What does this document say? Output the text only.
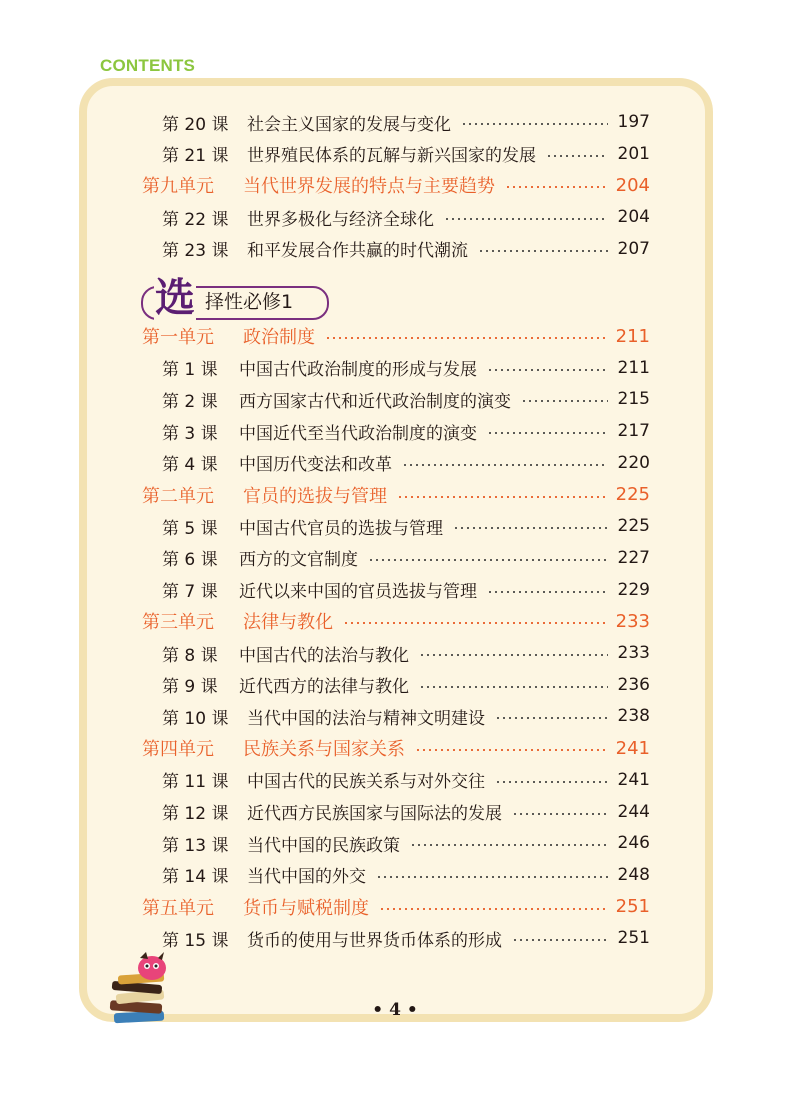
CONTENTS
第 20 课 社会主义国家的发展与变化	197
第 21 课 世界殖民体系的瓦解与新兴国家的发展	201
第九单元 当代世界发展的特点与主要趋势	204
第 22 课 世界多极化与经济全球化	204
第 23 课 和平发展合作共赢的时代潮流	207
选 择性必修1
第一单元 政治制度	211
第 1 课 中国古代政治制度的形成与发展	211
第 2 课 西方国家古代和近代政治制度的演变	215
第 3 课 中国近代至当代政治制度的演变	217
第 4 课 中国历代变法和改革	220
第二单元 官员的选拔与管理	225
第 5 课 中国古代官员的选拔与管理	225
第 6 课 西方的文官制度	227
第 7 课 近代以来中国的官员选拔与管理	229
第三单元 法律与教化	233
第 8 课 中国古代的法治与教化	233
第 9 课 近代西方的法律与教化	236
第 10 课 当代中国的法治与精神文明建设	238
第四单元 民族关系与国家关系	241
第 11 课 中国古代的民族关系与对外交往	241
第 12 课 近代西方民族国家与国际法的发展	244
第 13 课 当代中国的民族政策	246
第 14 课 当代中国的外交	248
第五单元 货币与赋税制度	251
第 15 课 货币的使用与世界货币体系的形成	251
• 4 •
